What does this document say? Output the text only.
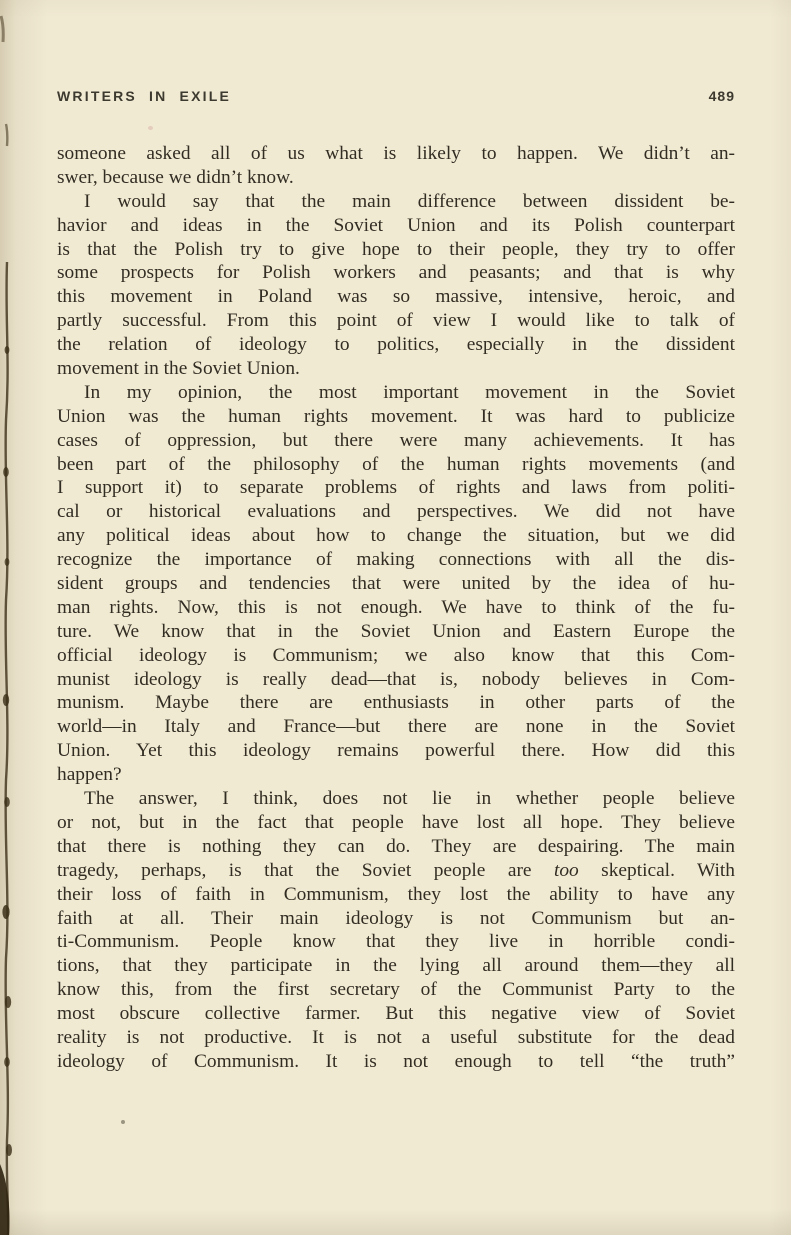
WRITERS IN EXILE	489
someone asked all of us what is likely to happen. We didn’t an-
swer, because we didn’t know.
I would say that the main difference between dissident be-
havior and ideas in the Soviet Union and its Polish counterpart
is that the Polish try to give hope to their people, they try to offer
some prospects for Polish workers and peasants; and that is why
this movement in Poland was so massive, intensive, heroic, and
partly successful. From this point of view I would like to talk of
the relation of ideology to politics, especially in the dissident
movement in the Soviet Union.
In my opinion, the most important movement in the Soviet
Union was the human rights movement. It was hard to publicize
cases of oppression, but there were many achievements. It has
been part of the philosophy of the human rights movements (and
I support it) to separate problems of rights and laws from politi-
cal or historical evaluations and perspectives. We did not have
any political ideas about how to change the situation, but we did
recognize the importance of making connections with all the dis-
sident groups and tendencies that were united by the idea of hu-
man rights. Now, this is not enough. We have to think of the fu-
ture. We know that in the Soviet Union and Eastern Europe the
official ideology is Communism; we also know that this Com-
munist ideology is really dead—that is, nobody believes in Com-
munism. Maybe there are enthusiasts in other parts of the
world—in Italy and France—but there are none in the Soviet
Union. Yet this ideology remains powerful there. How did this
happen?
The answer, I think, does not lie in whether people believe
or not, but in the fact that people have lost all hope. They believe
that there is nothing they can do. They are despairing. The main
tragedy, perhaps, is that the Soviet people are too skeptical. With
their loss of faith in Communism, they lost the ability to have any
faith at all. Their main ideology is not Communism but an-
ti-Communism. People know that they live in horrible condi-
tions, that they participate in the lying all around them—they all
know this, from the first secretary of the Communist Party to the
most obscure collective farmer. But this negative view of Soviet
reality is not productive. It is not a useful substitute for the dead
ideology of Communism. It is not enough to tell “the truth”
